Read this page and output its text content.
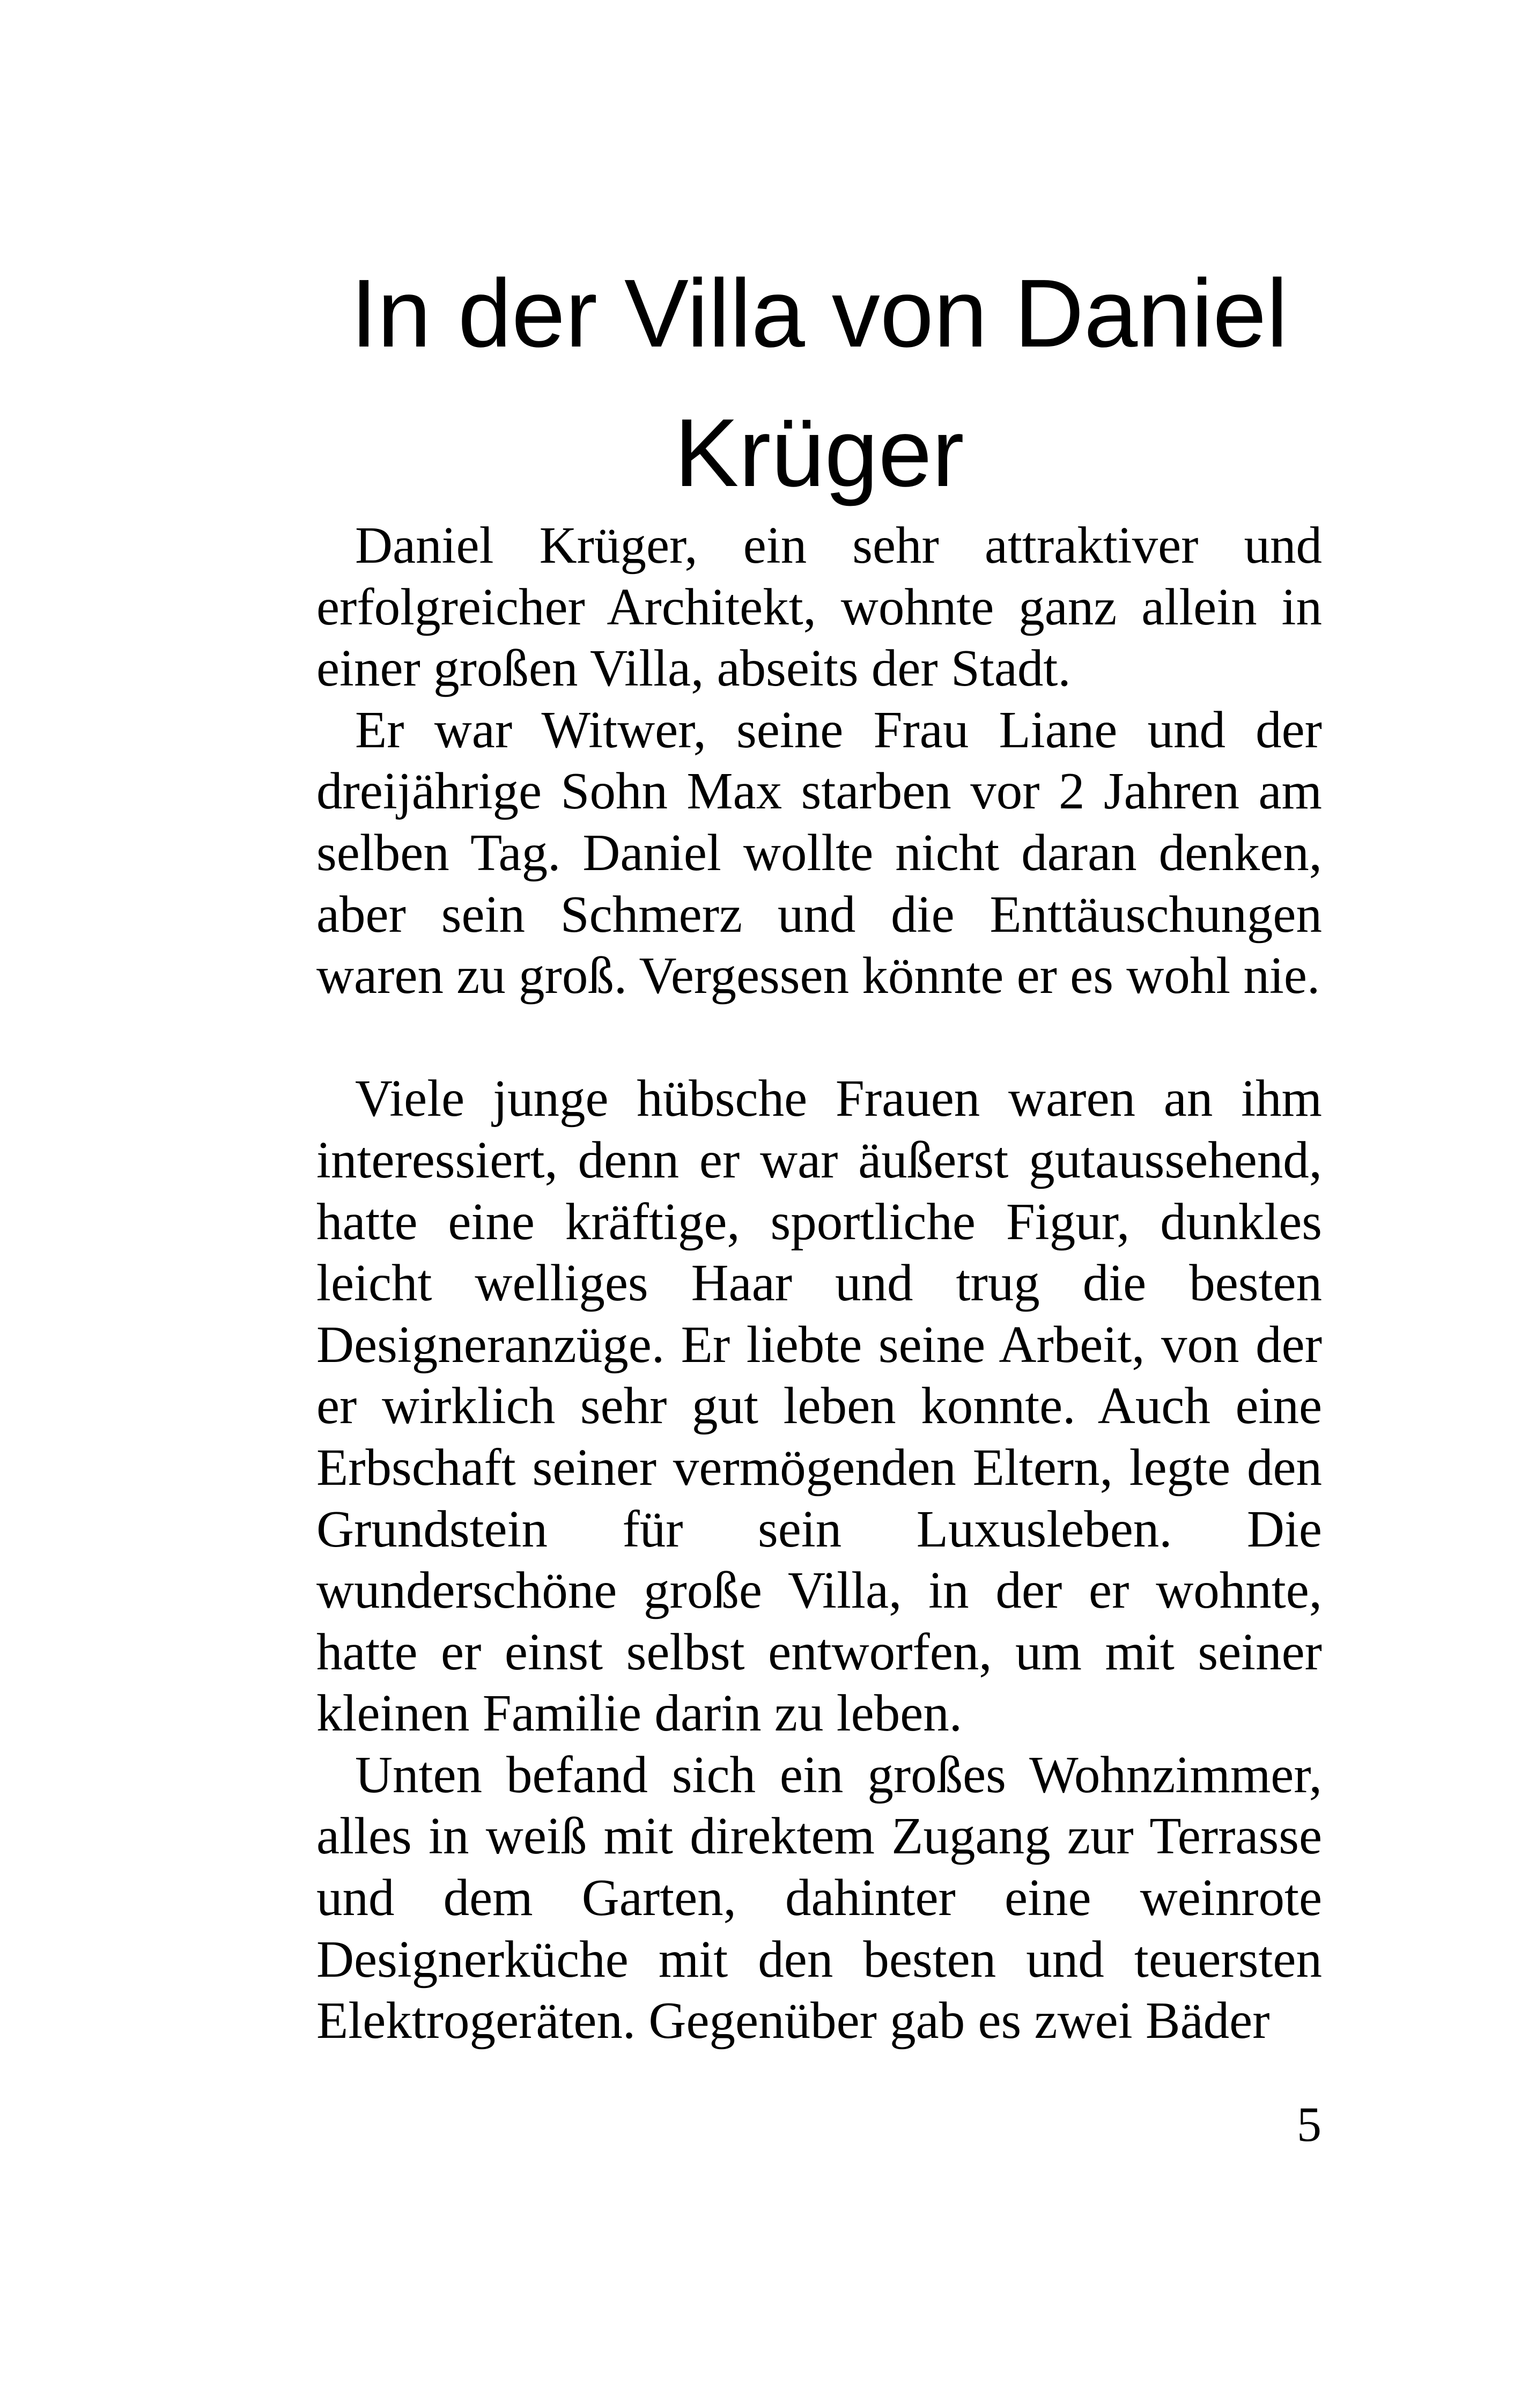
In der Villa von Daniel Krüger

Daniel Krüger, ein sehr attraktiver und erfolgreicher Architekt, wohnte ganz allein in einer großen Villa, abseits der Stadt.

Er war Witwer, seine Frau Liane und der dreijährige Sohn Max starben vor 2 Jahren am selben Tag. Daniel wollte nicht daran denken, aber sein Schmerz und die Enttäuschungen waren zu groß. Vergessen könnte er es wohl nie.

Viele junge hübsche Frauen waren an ihm interessiert, denn er war äußerst gutaussehend, hatte eine kräftige, sportliche Figur, dunkles leicht welliges Haar und trug die besten Designeranzüge. Er liebte seine Arbeit, von der er wirklich sehr gut leben konnte. Auch eine Erbschaft seiner vermögenden Eltern, legte den Grundstein für sein Luxusleben. Die wunderschöne große Villa, in der er wohnte, hatte er einst selbst entworfen, um mit seiner kleinen Familie darin zu leben.

Unten befand sich ein großes Wohnzimmer, alles in weiß mit direktem Zugang zur Terrasse und dem Garten, dahinter eine weinrote Designerküche mit den besten und teuersten Elektrogeräten. Gegenüber gab es zwei Bäder

5
